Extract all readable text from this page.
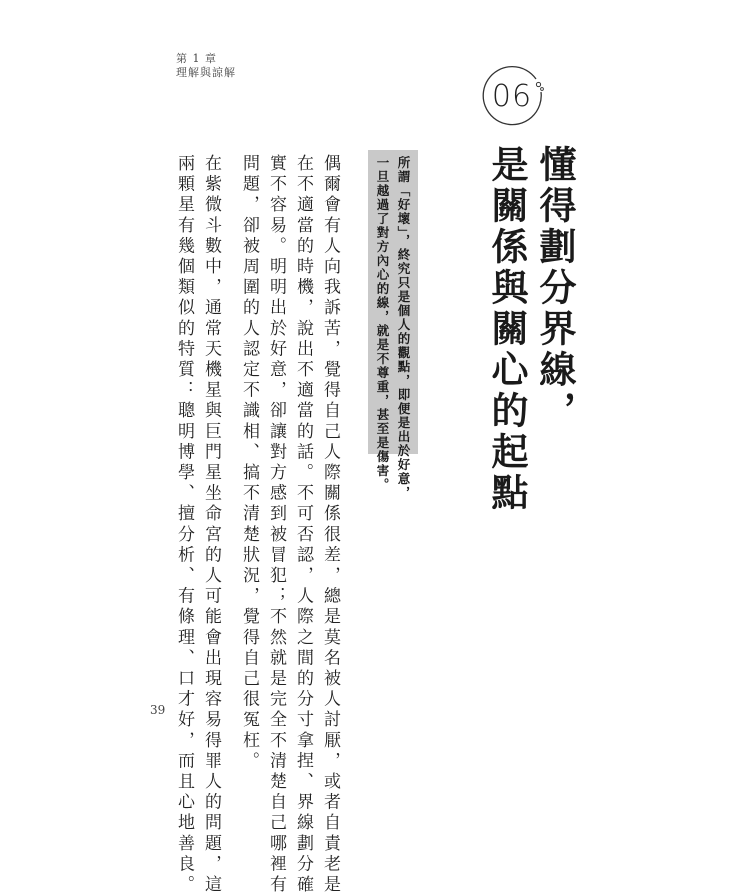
第 1 章
理解與諒解
06
懂得劃分界線，
是關係與關心的起點
所謂「好壞」，終究只是個人的觀點，即便是出於好意，
一旦越過了對方內心的線，就是不尊重，甚至是傷害。
偶爾會有人向我訴苦，覺得自己人際關係很差，總是莫名被人討厭，或者自責老是
在不適當的時機，說出不適當的話。不可否認，人際之間的分寸拿捏、界線劃分確
實不容易。明明出於好意，卻讓對方感到被冒犯；不然就是完全不清楚自己哪裡有
問題，卻被周圍的人認定不識相、搞不清楚狀況，覺得自己很冤枉。
在紫微斗數中，通常天機星與巨門星坐命宮的人可能會出現容易得罪人的問題，這
兩顆星有幾個類似的特質：聰明博學、擅分析、有條理、口才好，而且心地善良。
39
